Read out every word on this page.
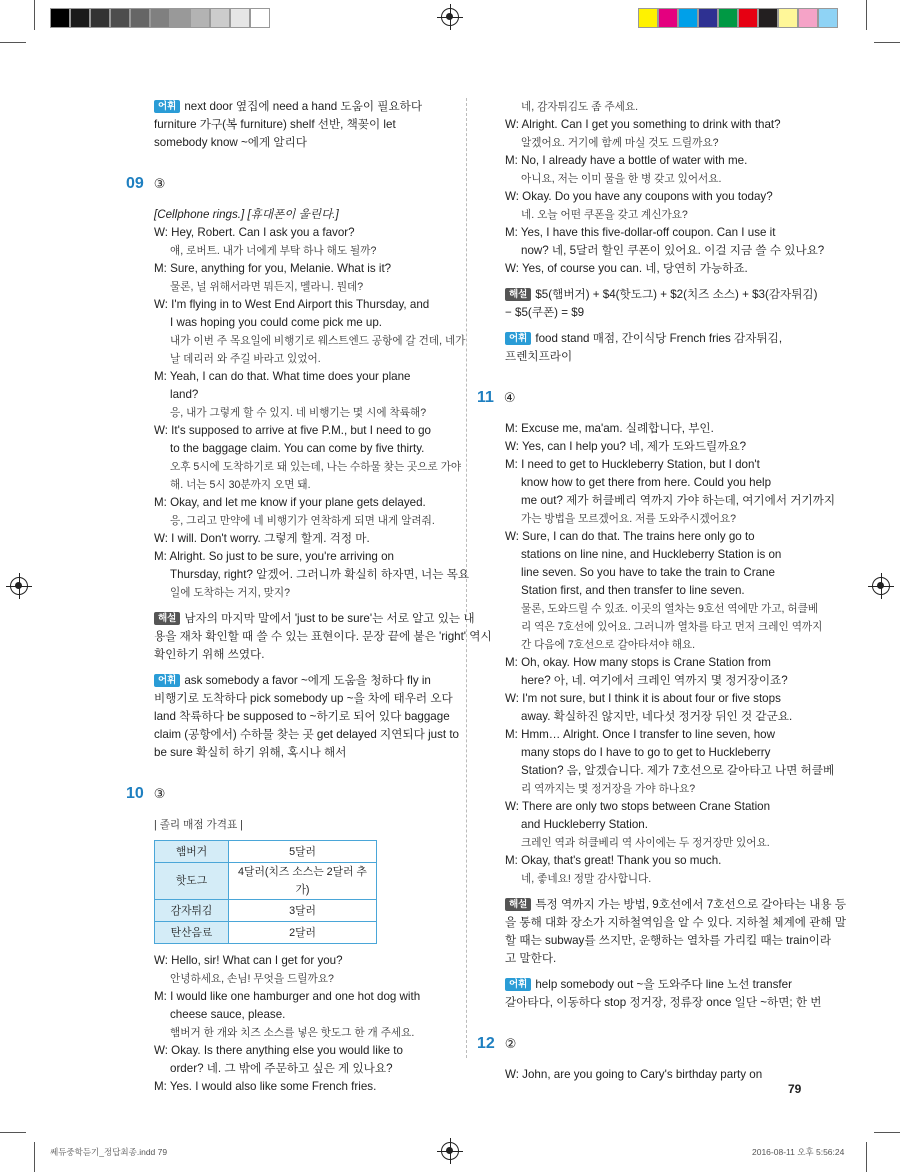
어휘 next door 옆집에 need a hand 도움이 필요하다
furniture 가구(복 furniture) shelf 선반, 책꽂이 let
somebody know ~에게 알리다
09 ③
[Cellphone rings.] [휴대폰이 울린다.]
W: Hey, Robert. Can I ask you a favor?
얘, 로버트. 내가 너에게 부탁 하나 해도 될까?
M: Sure, anything for you, Melanie. What is it?
물론, 널 위해서라면 뭐든지, 멜라니. 뭔데?
W: I'm flying in to West End Airport this Thursday, and
I was hoping you could come pick me up.
내가 이번 주 목요일에 비행기로 웨스트엔드 공항에 갈 건데, 네가
날 데리러 와 주길 바라고 있었어.
M: Yeah, I can do that. What time does your plane
land?
응, 내가 그렇게 할 수 있지. 네 비행기는 몇 시에 착륙해?
W: It's supposed to arrive at five P.M., but I need to go
to the baggage claim. You can come by five thirty.
오후 5시에 도착하기로 돼 있는데, 나는 수하물 찾는 곳으로 가야
해. 너는 5시 30분까지 오면 돼.
M: Okay, and let me know if your plane gets delayed.
응, 그리고 만약에 네 비행기가 연착하게 되면 내게 알려줘.
W: I will. Don't worry. 그렇게 할게. 걱정 마.
M: Alright. So just to be sure, you're arriving on
Thursday, right? 알겠어. 그러니까 확실히 하자면, 너는 목요
일에 도착하는 거지, 맞지?
해설 남자의 마지막 말에서 'just to be sure'는 서로 알고 있는 내
용을 재차 확인할 때 쓸 수 있는 표현이다. 문장 끝에 붙은 'right' 역시
확인하기 위해 쓰였다.
어휘 ask somebody a favor ~에게 도움을 청하다 fly in
비행기로 도착하다 pick somebody up ~을 차에 태우러 오다
land 착륙하다 be supposed to ~하기로 되어 있다 baggage
claim (공항에서) 수하물 찾는 곳 get delayed 지연되다 just to
be sure 확실히 하기 위해, 혹시나 해서
10 ③
| 졸리 매점 가격표 |
햄버거	5달러
핫도그	4달러(치즈 소스는 2달러 추가)
감자튀김	3달러
탄산음료	2달러
W: Hello, sir! What can I get for you?
안녕하세요, 손님! 무엇을 드릴까요?
M: I would like one hamburger and one hot dog with
cheese sauce, please.
햄버거 한 개와 치즈 소스를 넣은 핫도그 한 개 주세요.
W: Okay. Is there anything else you would like to
order? 네. 그 밖에 주문하고 싶은 게 있나요?
M: Yes. I would also like some French fries.
네, 감자튀김도 좀 주세요.
W: Alright. Can I get you something to drink with that?
알겠어요. 거기에 함께 마실 것도 드릴까요?
M: No, I already have a bottle of water with me.
아니요, 저는 이미 물을 한 병 갖고 있어서요.
W: Okay. Do you have any coupons with you today?
네. 오늘 어떤 쿠폰을 갖고 계신가요?
M: Yes, I have this five-dollar-off coupon. Can I use it
now? 네, 5달러 할인 쿠폰이 있어요. 이걸 지금 쓸 수 있나요?
W: Yes, of course you can. 네, 당연히 가능하죠.
해설 $5(햄버거) + $4(핫도그) + $2(치즈 소스) + $3(감자튀김)
− $5(쿠폰) = $9
어휘 food stand 매점, 간이식당 French fries 감자튀김,
프렌치프라이
11 ④
M: Excuse me, ma'am. 실례합니다, 부인.
W: Yes, can I help you? 네, 제가 도와드릴까요?
M: I need to get to Huckleberry Station, but I don't
know how to get there from here. Could you help
me out? 제가 허클베리 역까지 가야 하는데, 여기에서 거기까지
가는 방법을 모르겠어요. 저를 도와주시겠어요?
W: Sure, I can do that. The trains here only go to
stations on line nine, and Huckleberry Station is on
line seven. So you have to take the train to Crane
Station first, and then transfer to line seven.
물론, 도와드릴 수 있죠. 이곳의 열차는 9호선 역에만 가고, 허클베
리 역은 7호선에 있어요. 그러니까 열차를 타고 먼저 크레인 역까지
간 다음에 7호선으로 갈아타셔야 해요.
M: Oh, okay. How many stops is Crane Station from
here? 아, 네. 여기에서 크레인 역까지 몇 정거장이죠?
W: I'm not sure, but I think it is about four or five stops
away. 확실하진 않지만, 네다섯 정거장 뒤인 것 같군요.
M: Hmm… Alright. Once I transfer to line seven, how
many stops do I have to go to get to Huckleberry
Station? 음, 알겠습니다. 제가 7호선으로 갈아타고 나면 허클베
리 역까지는 몇 정거장을 가야 하나요?
W: There are only two stops between Crane Station
and Huckleberry Station.
크레인 역과 허클베리 역 사이에는 두 정거장만 있어요.
M: Okay, that's great! Thank you so much.
네, 좋네요! 정말 감사합니다.
해설 특정 역까지 가는 방법, 9호선에서 7호선으로 갈아타는 내용 등
을 통해 대화 장소가 지하철역임을 알 수 있다. 지하철 체계에 관해 말
할 때는 subway를 쓰지만, 운행하는 열차를 가리킬 때는 train이라
고 말한다.
어휘 help somebody out ~을 도와주다 line 노선 transfer
갈아타다, 이동하다 stop 정거장, 정류장 once 일단 ~하면; 한 번
12 ②
W: John, are you going to Cary's birthday party on
79
쎄듀중학듣기_정답최종.indd 79	2016-08-11 오후 5:56:24
